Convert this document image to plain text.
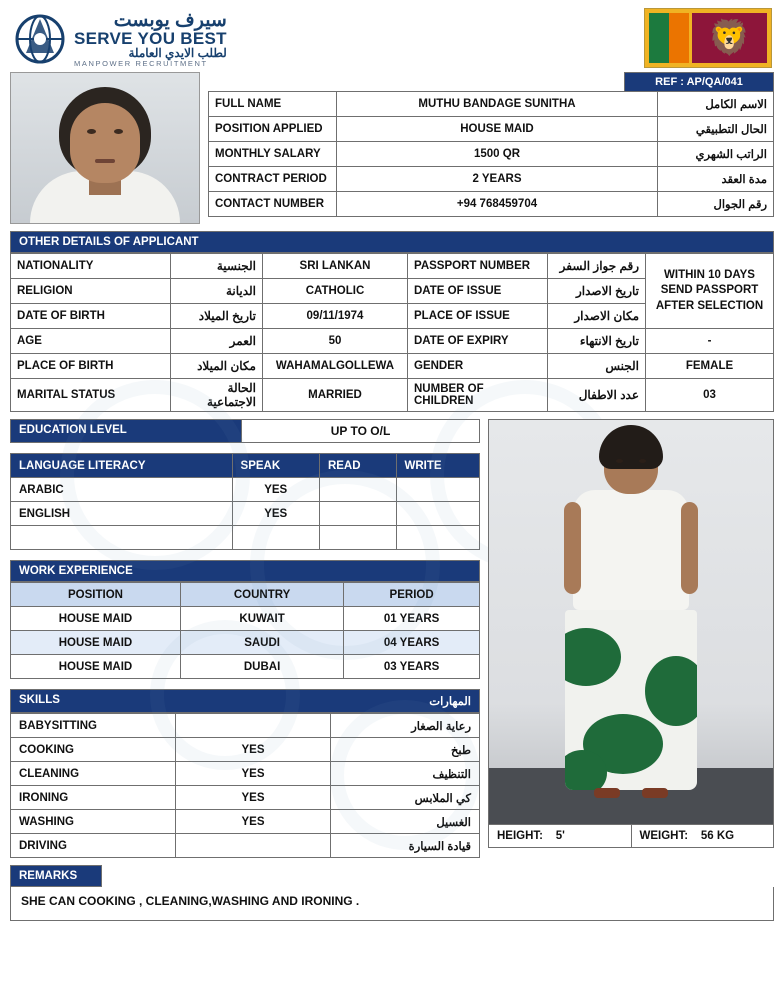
سيرف يوبست
SERVE YOU BEST
لطلب الايدي العاملة
MANPOWER RECRUITMENT
🦁
REF : AP/QA/041
FULL NAME	MUTHU BANDAGE SUNITHA	الاسم الكامل
POSITION APPLIED	HOUSE MAID	الحال التطبيقي
MONTHLY SALARY	1500 QR	الراتب الشهري
CONTRACT PERIOD	2 YEARS	مدة العقد
CONTACT NUMBER	+94 768459704	رقم الجوال
OTHER DETAILS OF APPLICANT
NATIONALITY	الجنسية	SRI LANKAN	PASSPORT NUMBER	رقم جواز السفر	WITHIN 10 DAYS SEND PASSPORT AFTER SELECTION
RELIGION	الديانة	CATHOLIC	DATE OF ISSUE	تاريخ الاصدار	
DATE OF BIRTH	تاريخ الميلاد	09/11/1974	PLACE OF ISSUE	مكان الاصدار	
AGE	العمر	50	DATE OF EXPIRY	تاريخ الانتهاء	-
PLACE OF BIRTH	مكان الميلاد	WAHAMALGOLLEWA	GENDER	الجنس	FEMALE
MARITAL STATUS	الحالة الاجتماعية	MARRIED	NUMBER OF CHILDREN	عدد الاطفال	03
EDUCATION LEVEL	UP TO O/L
LANGUAGE LITERACY	SPEAK	READ	WRITE
ARABIC	YES		
ENGLISH	YES		

WORK EXPERIENCE
POSITION	COUNTRY	PERIOD
HOUSE MAID	KUWAIT	01 YEARS
HOUSE MAID	SAUDI	04 YEARS
HOUSE MAID	DUBAI	03 YEARS
SKILLS	المهارات
BABYSITTING		رعاية الصغار
COOKING	YES	طبخ
CLEANING	YES	التنظيف
IRONING	YES	كي الملابس
WASHING	YES	الغسيل
DRIVING		قيادة السيارة
HEIGHT: 5'	WEIGHT: 56 KG
REMARKS
SHE CAN COOKING , CLEANING,WASHING AND IRONING .
